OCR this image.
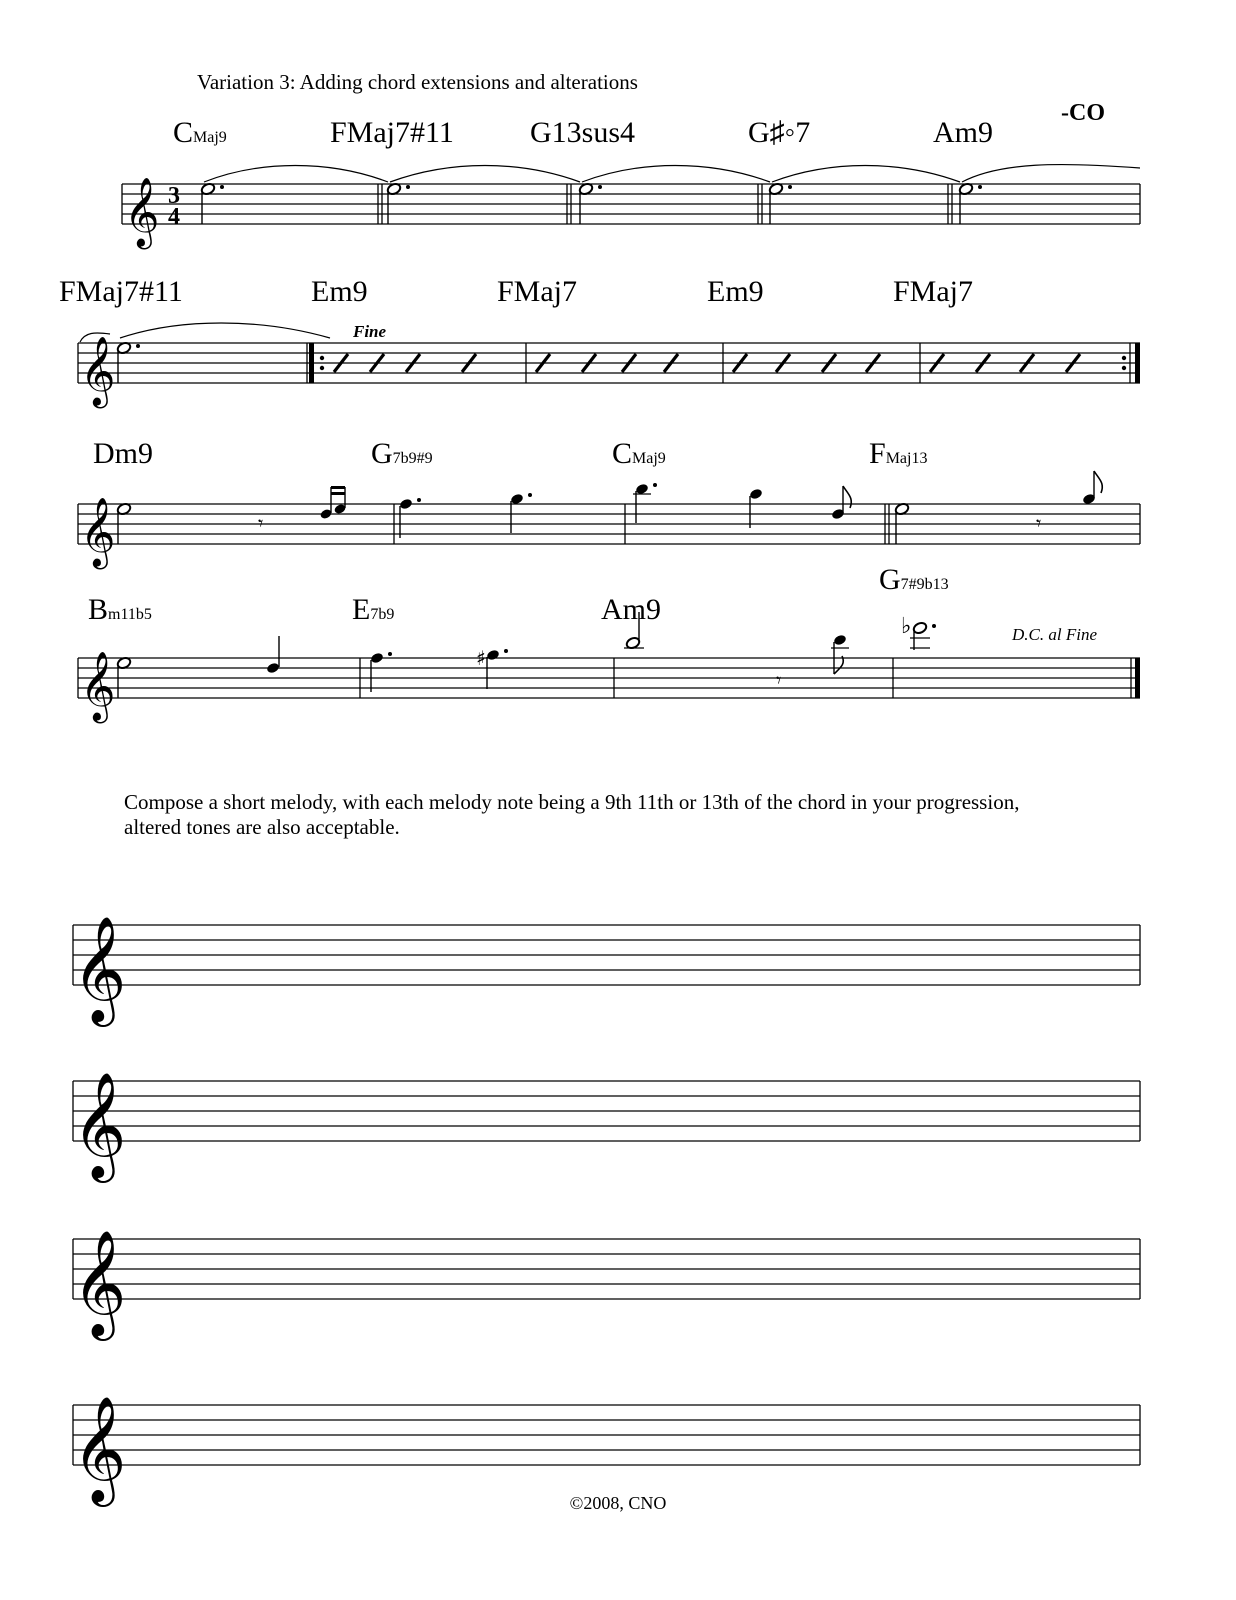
Variation 3: Adding chord extensions and alterations
-CO
CMaj9	FMaj7#11	G13sus4	G♯◦7	Am9
FMaj7#11	Em9	FMaj7	Em9	FMaj7
Dm9	G7b9#9	CMaj9	FMaj13
Bm11b5	E7b9	Am9
G7#9b13
𝄞
𝄞
𝄞
𝄞
𝄞
𝄞
𝄞
𝄞
3
4
𝄾	𝄾
♯
𝄾
♭
Fine
D.C. al Fine
Compose a short melody, with each melody note being a 9th 11th or 13th of the chord in your progression,
altered tones are also acceptable.
©2008, CNO
